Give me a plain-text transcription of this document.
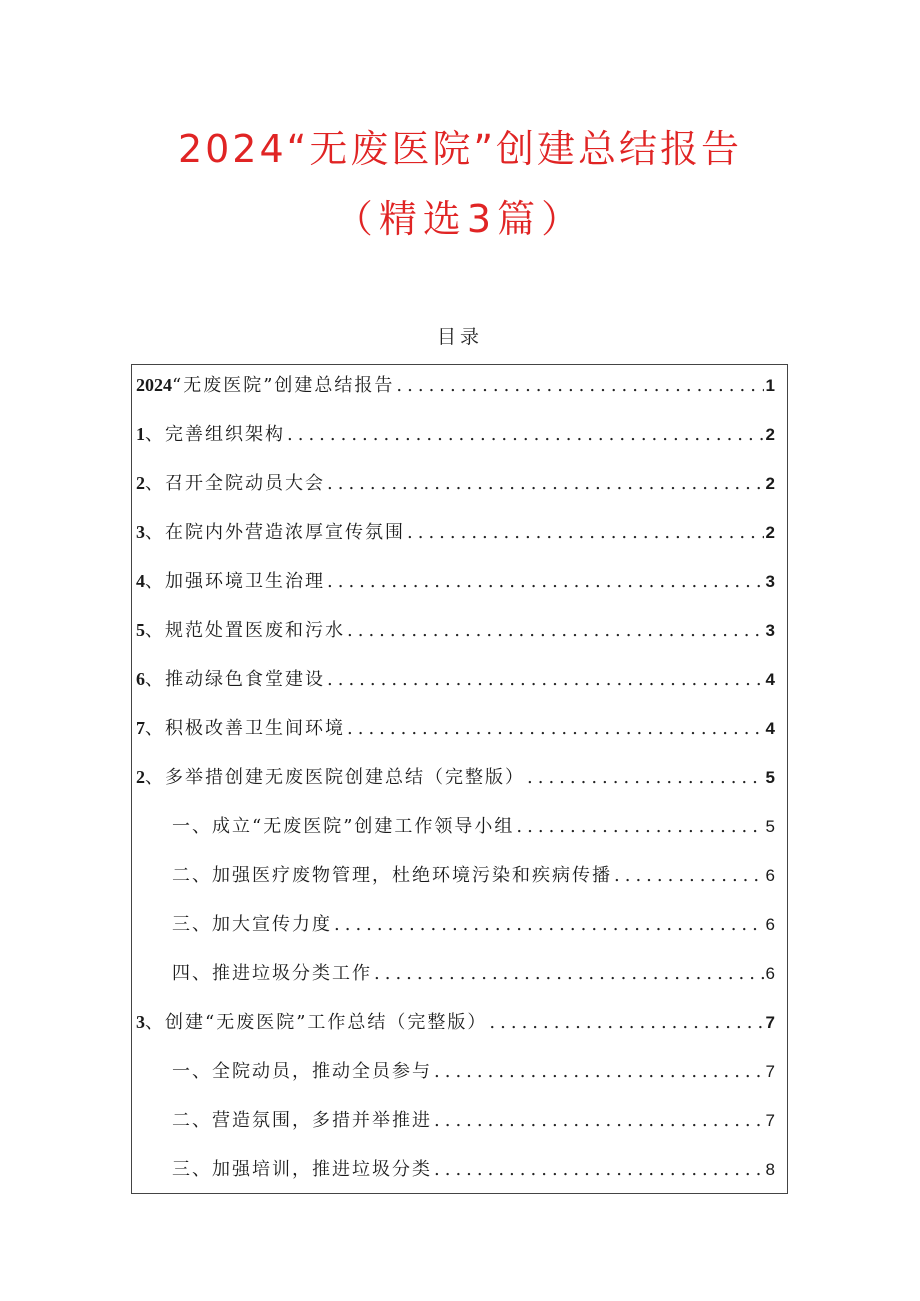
2024“无废医院”创建总结报告
（精选3篇）
目录
2024“无废医院”创建总结报告 .....	1
1、完善组织架构 .....	2
2、召开全院动员大会 .....	2
3、在院内外营造浓厚宣传氛围 .....	2
4、加强环境卫生治理 .....	3
5、规范处置医废和污水 .....	3
6、推动绿色食堂建设 .....	4
7、积极改善卫生间环境 .....	4
2、多举措创建无废医院创建总结（完整版） .....	5
一、成立“无废医院”创建工作领导小组 .....	5
二、加强医疗废物管理，杜绝环境污染和疾病传播 .....	6
三、加大宣传力度 .....	6
四、推进垃圾分类工作 .....	6
3、创建“无废医院”工作总结（完整版） .....	7
一、全院动员，推动全员参与 .....	7
二、营造氛围，多措并举推进 .....	7
三、加强培训，推进垃圾分类 .....	8
